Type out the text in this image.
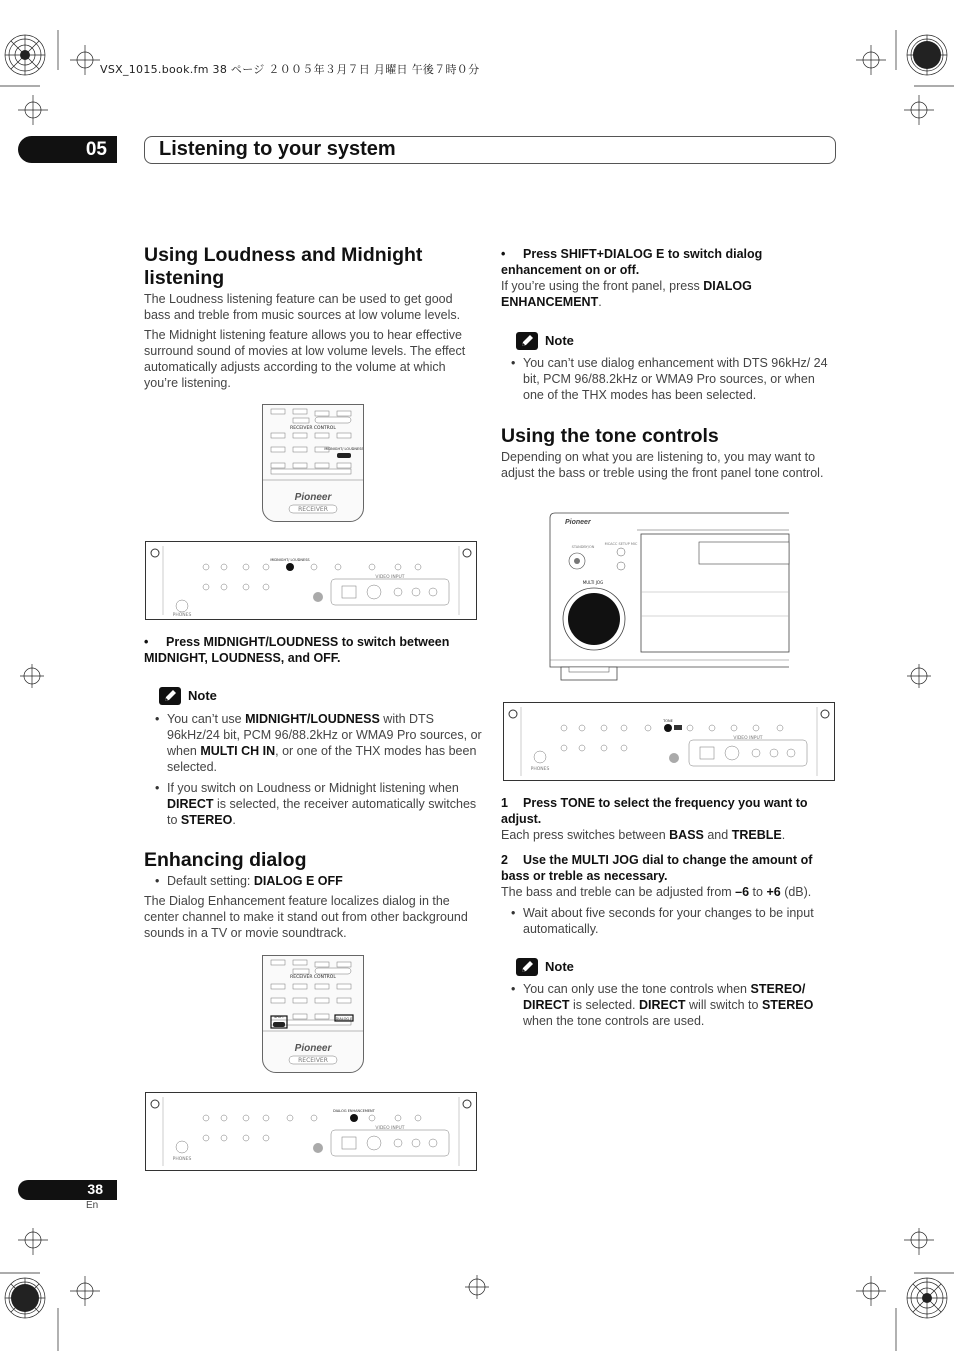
VSX_1015.book.fm 38 ページ ２００５年３月７日 月曜日 午後７時０分
05	Listening to your system
Using Loudness and Midnight listening

The Loudness listening feature can be used to get good bass and treble from music sources at low volume levels.

The Midnight listening feature allows you to hear effective surround sound of movies at low volume levels. The effect automatically adjusts according to the volume at which you’re listening.

Pioneer
RECEIVER
RECEIVER CONTROL
MIDNIGHT/ LOUDNESS
MIDNIGHT/ LOUDNESS
VIDEO INPUT
PHONES

• Press MIDNIGHT/LOUDNESS to switch between MIDNIGHT, LOUDNESS, and OFF.

Note
• You can’t use MIDNIGHT/LOUDNESS with DTS 96kHz/24 bit, PCM 96/88.2kHz or WMA9 Pro sources, or when MULTI CH IN, or one of the THX modes has been selected.
• If you switch on Loudness or Midnight listening when DIRECT is selected, the receiver automatically switches to STEREO.
Enhancing dialog
• Default setting: DIALOG E OFF

The Dialog Enhancement feature localizes dialog in the center channel to make it stand out from other background sounds in a TV or movie soundtrack.

Pioneer
RECEIVER
RECEIVER CONTROL
SHIFT	DIALOG E
DIALOG ENHANCEMENT
VIDEO INPUT
PHONES

• Press SHIFT+DIALOG E to switch dialog enhancement on or off.

If you’re using the front panel, press DIALOG ENHANCEMENT.

Note
• You can’t use dialog enhancement with DTS 96kHz/ 24 bit, PCM 96/88.2kHz or WMA9 Pro sources, or when one of the THX modes has been selected.
Using the tone controls

Depending on what you are listening to, you may want to adjust the bass or treble using the front panel tone control.

Pioneer
MULTI JOG
STANDBY/ON
MCACC SETUP MIC
TONE
VIDEO INPUT
PHONES

1 Press TONE to select the frequency you want to adjust.

Each press switches between BASS and TREBLE.

2 Use the MULTI JOG dial to change the amount of bass or treble as necessary.

The bass and treble can be adjusted from –6 to +6 (dB).

• Wait about five seconds for your changes to be input automatically.
Note
• You can only use the tone controls when STEREO/ DIRECT is selected. DIRECT will switch to STEREO when the tone controls are used.
38
En
